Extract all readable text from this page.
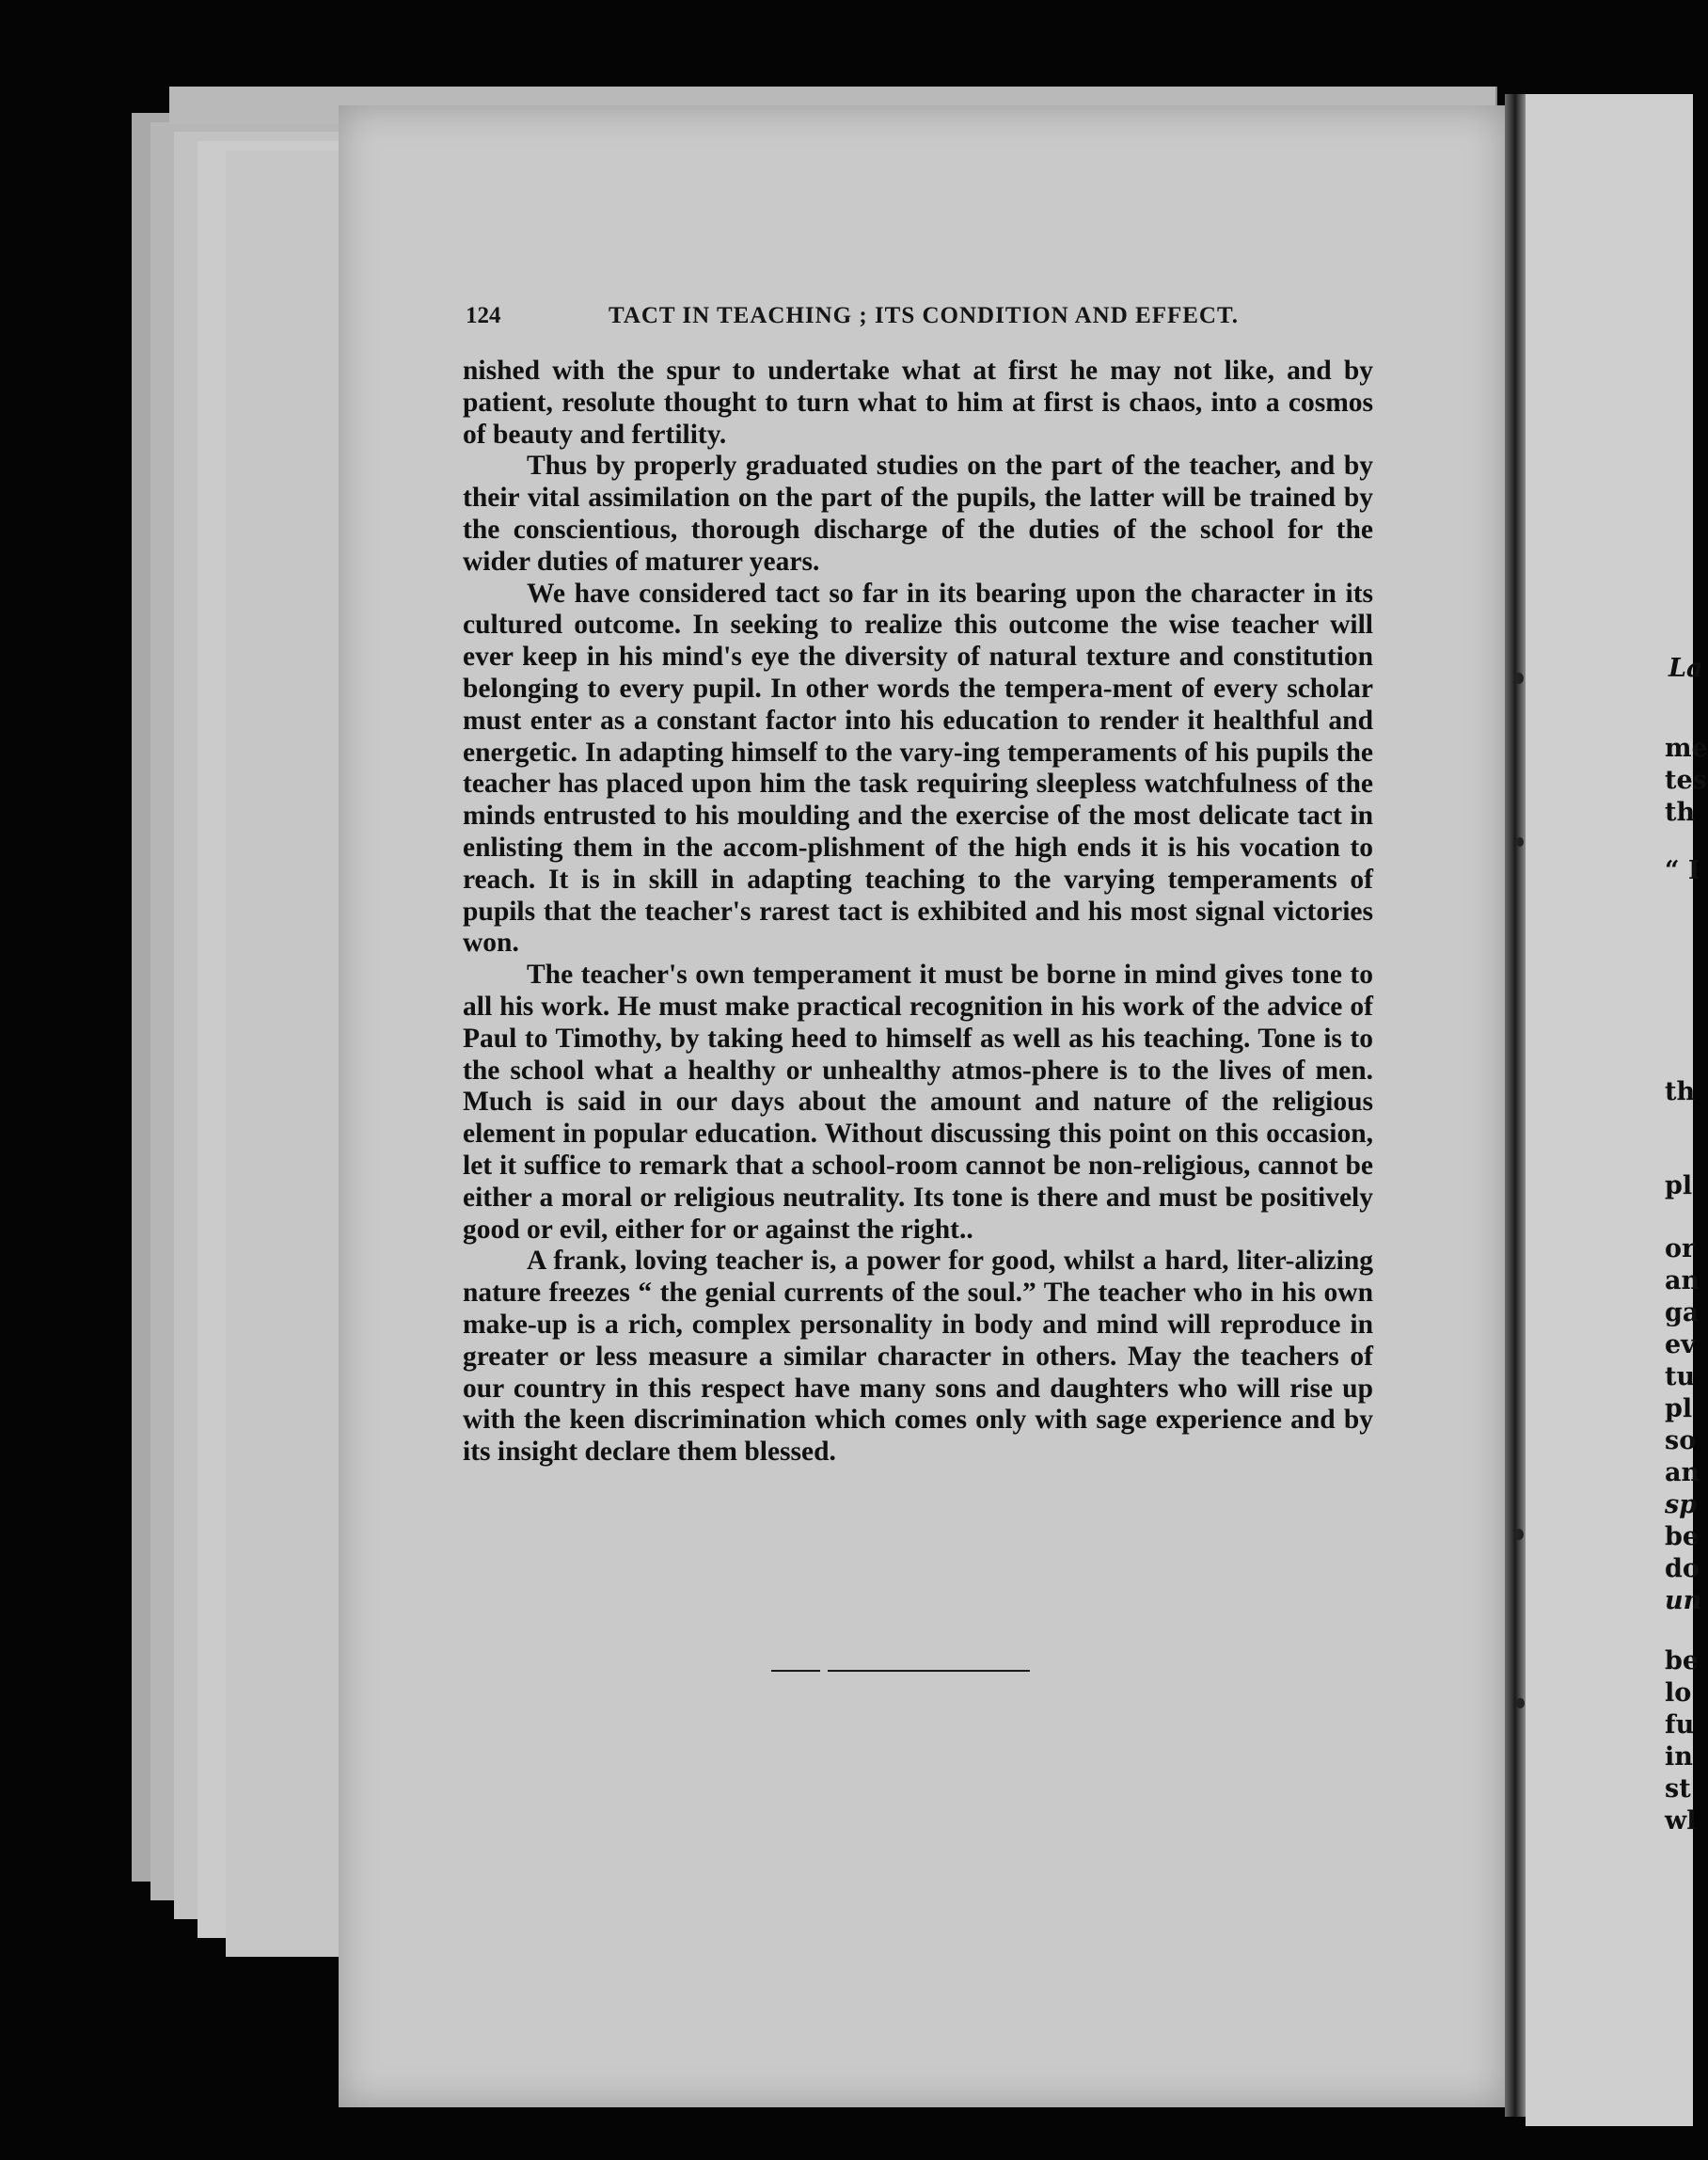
La
me
tes
th
“ I
th
pl
or
an
ga
ev
tu
pl
so
an
sp
be
do
un
be
lo
fu
in
st
wl
124	TACT IN TEACHING ; ITS CONDITION AND EFFECT.

nished with the spur to undertake what at first he may not like, and by patient, resolute thought to turn what to him at first is chaos, into a cosmos of beauty and fertility.

Thus by properly graduated studies on the part of the teacher, and by their vital assimilation on the part of the pupils, the latter will be trained by the conscientious, thorough discharge of the duties of the school for the wider duties of maturer years.

We have considered tact so far in its bearing upon the character in its cultured outcome. In seeking to realize this outcome the wise teacher will ever keep in his mind's eye the diversity of natural texture and constitution belonging to every pupil. In other words the tempera-ment of every scholar must enter as a constant factor into his education to render it healthful and energetic. In adapting himself to the vary-ing temperaments of his pupils the teacher has placed upon him the task requiring sleepless watchfulness of the minds entrusted to his moulding and the exercise of the most delicate tact in enlisting them in the accom-plishment of the high ends it is his vocation to reach. It is in skill in adapting teaching to the varying temperaments of pupils that the teacher's rarest tact is exhibited and his most signal victories won.

The teacher's own temperament it must be borne in mind gives tone to all his work. He must make practical recognition in his work of the advice of Paul to Timothy, by taking heed to himself as well as his teaching. Tone is to the school what a healthy or unhealthy atmos-phere is to the lives of men. Much is said in our days about the amount and nature of the religious element in popular education. Without discussing this point on this occasion, let it suffice to remark that a school-room cannot be non-religious, cannot be either a moral or religious neutrality. Its tone is there and must be positively good or evil, either for or against the right..

A frank, loving teacher is, a power for good, whilst a hard, liter-alizing nature freezes “ the genial currents of the soul.” The teacher who in his own make-up is a rich, complex personality in body and mind will reproduce in greater or less measure a similar character in others. May the teachers of our country in this respect have many sons and daughters who will rise up with the keen discrimination which comes only with sage experience and by its insight declare them blessed.
